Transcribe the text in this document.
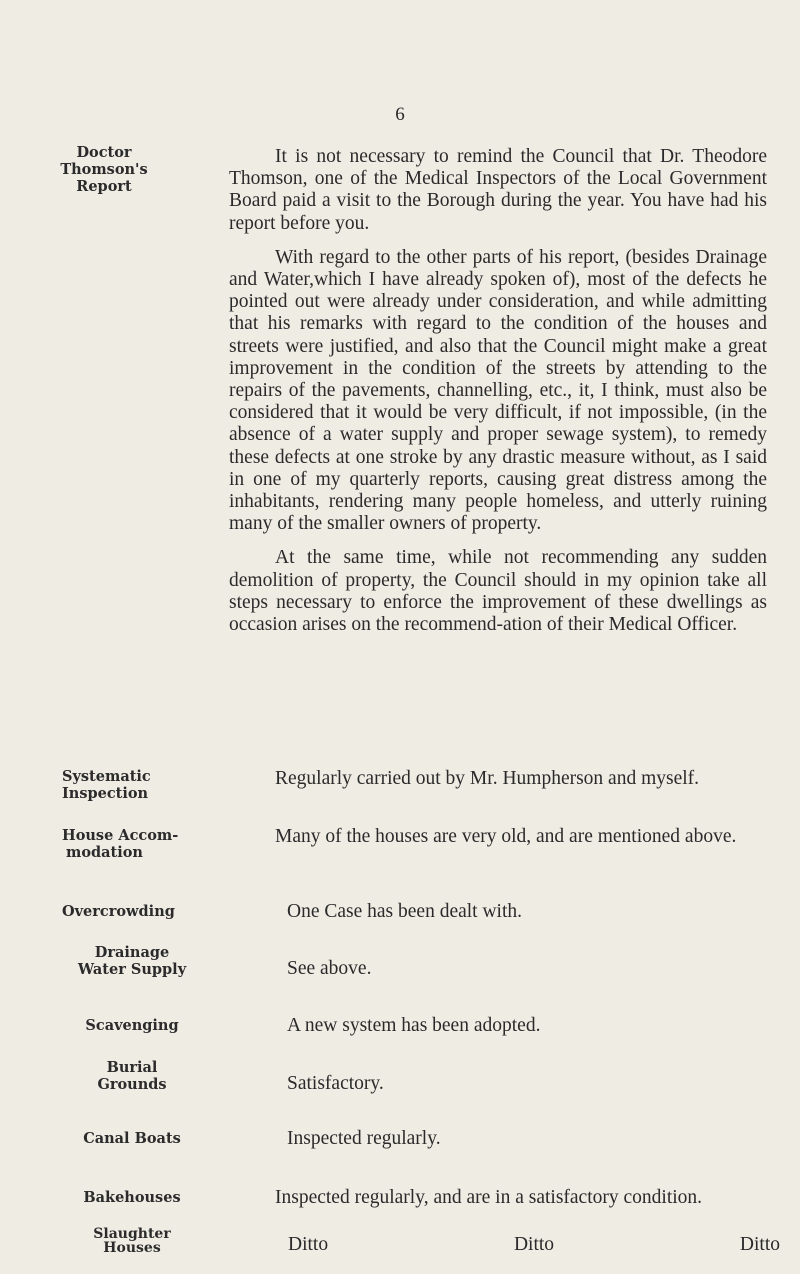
6
Doctor
Thomson's
Report

It is not necessary to remind the Council that Dr. Theodore Thomson, one of the Medical Inspectors of the Local Government Board paid a visit to the Borough during the year. You have had his report before you.

With regard to the other parts of his report, (besides Drainage and Water,which I have already spoken of), most of the defects he pointed out were already under consideration, and while admitting that his remarks with regard to the condition of the houses and streets were justified, and also that the Council might make a great improvement in the condition of the streets by attending to the repairs of the pavements, channelling, etc., it, I think, must also be considered that it would be very difficult, if not impossible, (in the absence of a water supply and proper sewage system), to remedy these defects at one stroke by any drastic measure without, as I said in one of my quarterly reports, causing great distress among the inhabitants, rendering many people homeless, and utterly ruining many of the smaller owners of property.

At the same time, while not recommending any sudden demolition of property, the Council should in my opinion take all steps necessary to enforce the improvement of these dwellings as occasion arises on the recommend-ation of their Medical Officer.

Systematic
Inspection

Regularly carried out by Mr. Humpherson and myself.

House Accom-
modation

Many of the houses are very old, and are mentioned above.

Overcrowding	One Case has been dealt with.
Drainage
Water Supply	See above.
Scavenging	A new system has been adopted.
Burial
Grounds	Satisfactory.
Canal Boats	Inspected regularly.
Bakehouses	Inspected regularly, and are in a satisfactory condition.

Slaughter
Houses	Ditto	Ditto	Ditto
